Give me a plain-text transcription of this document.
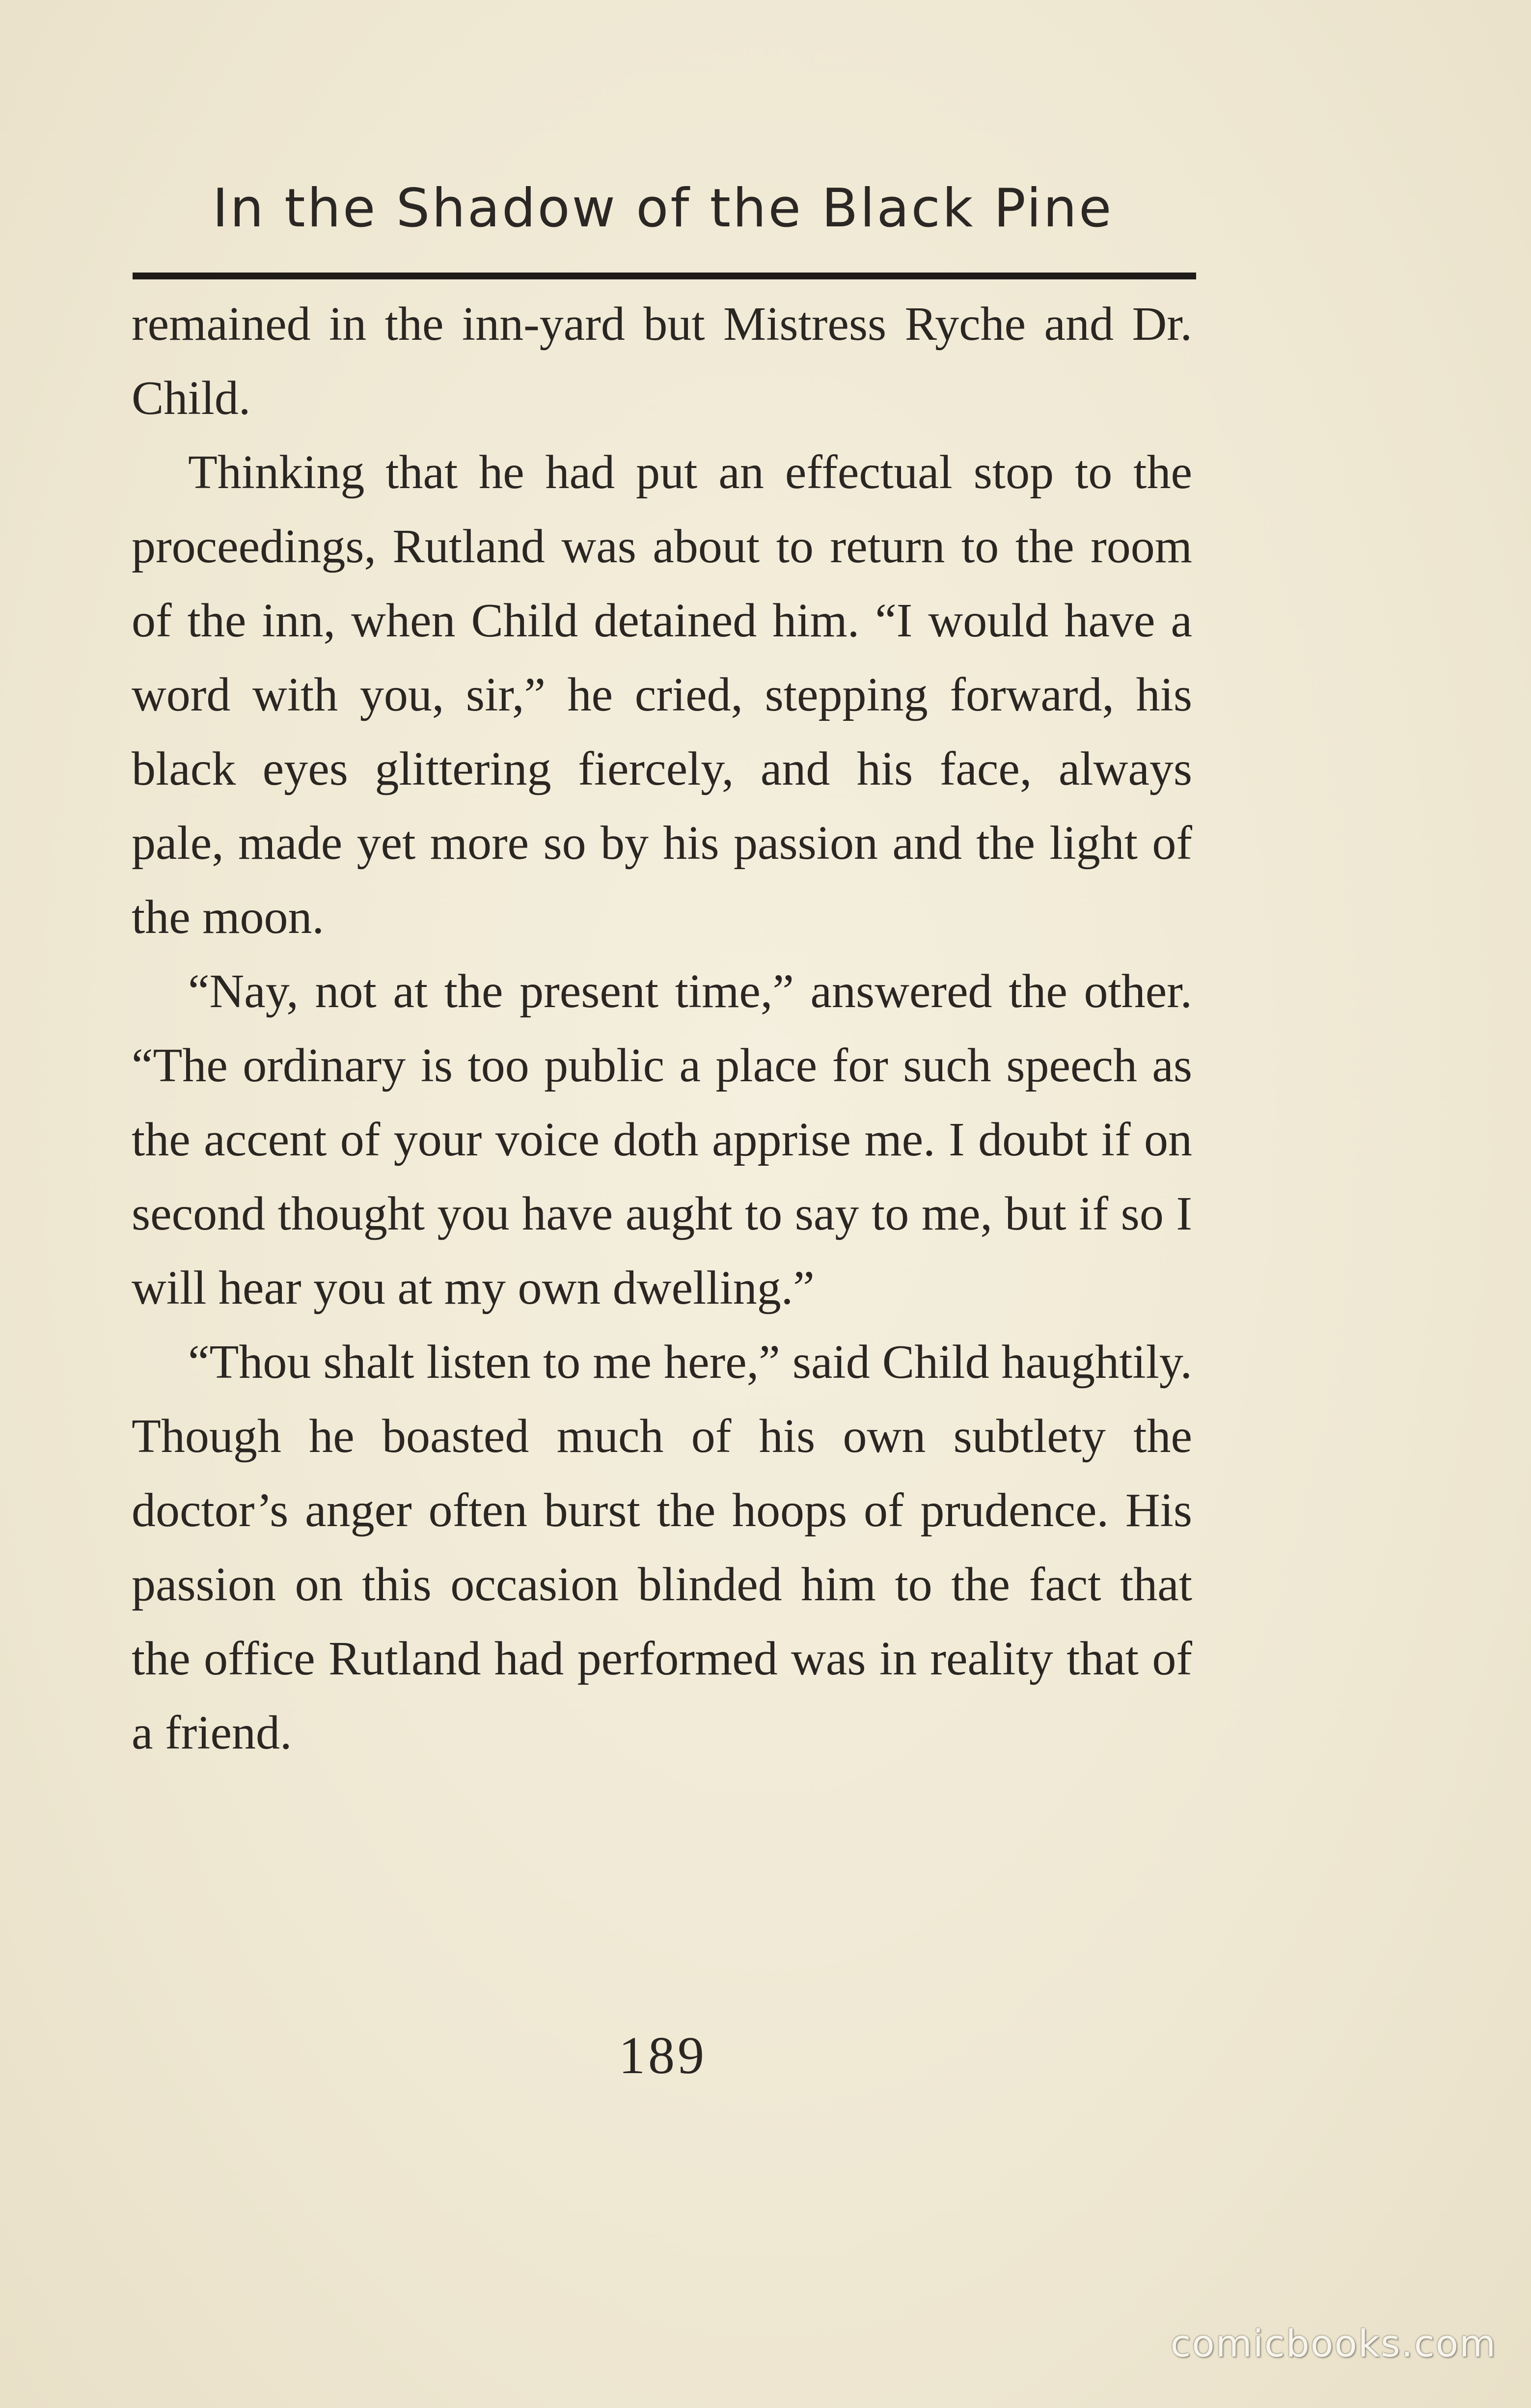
In the Shadow of the Black Pine

remained in the inn-yard but Mistress Ryche and Dr. Child.

Thinking that he had put an effectual stop to the proceedings, Rutland was about to return to the room of the inn, when Child detained him. “I would have a word with you, sir,” he cried, stepping forward, his black eyes glittering fiercely, and his face, always pale, made yet more so by his passion and the light of the moon.

“Nay, not at the present time,” answered the other. “The ordinary is too public a place for such speech as the accent of your voice doth apprise me. I doubt if on second thought you have aught to say to me, but if so I will hear you at my own dwelling.”

“Thou shalt listen to me here,” said Child haughtily. Though he boasted much of his own subtlety the doctor’s anger often burst the hoops of prudence. His passion on this occasion blinded him to the fact that the office Rutland had performed was in reality that of a friend.

189
comicbooks.com
